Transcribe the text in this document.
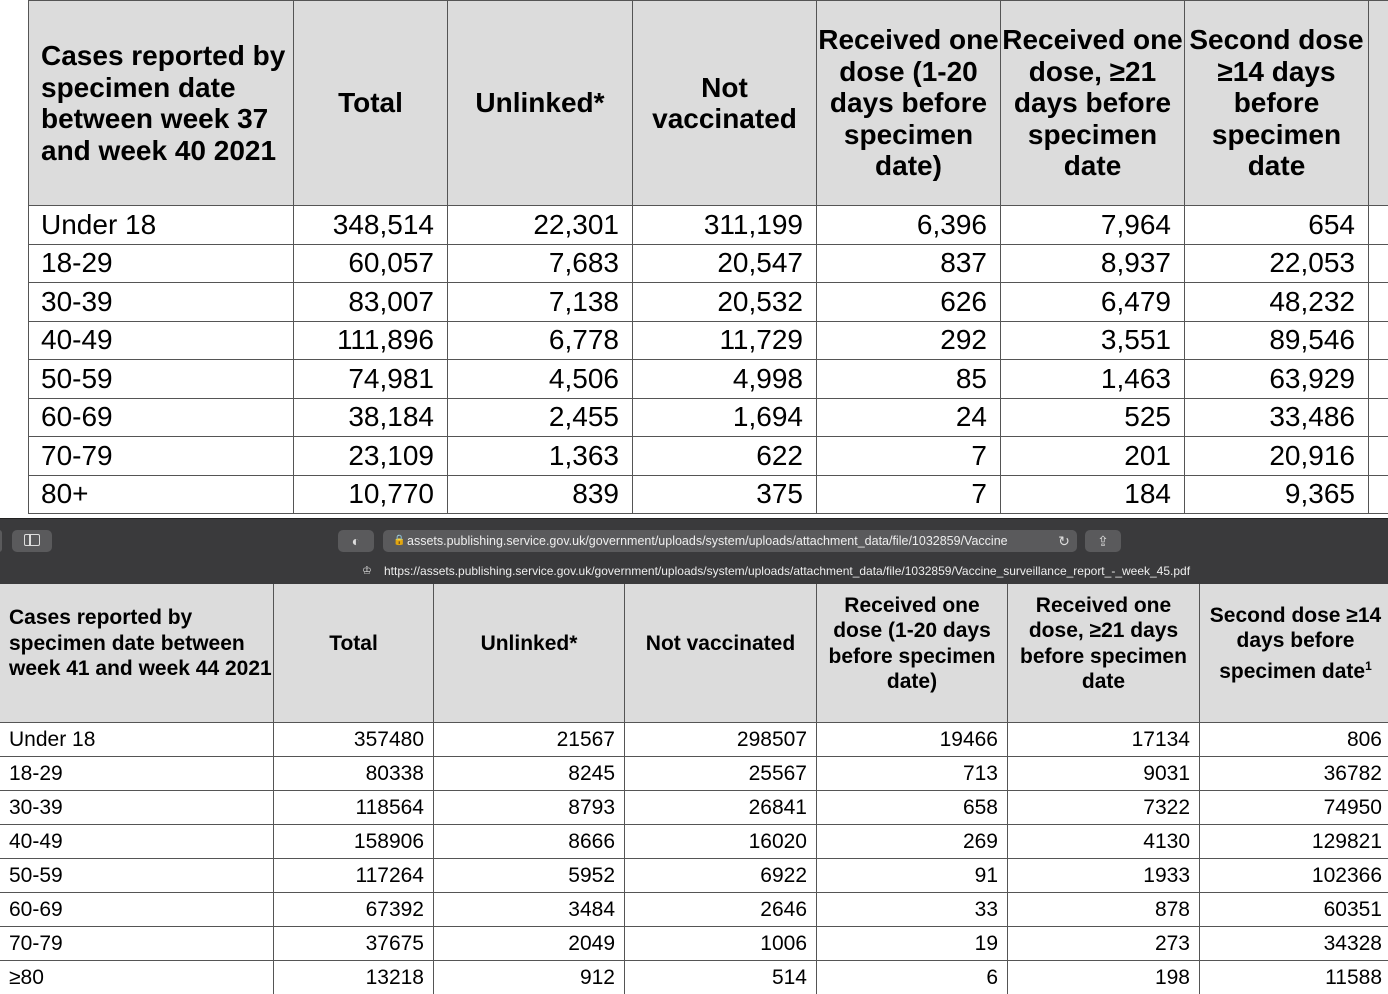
Cases reported by specimen date between week 37 and week 40 2021	Total	Unlinked*	Not vaccinated	Received one dose (1-20 days before specimen date)	Received one dose, ≥21 days before specimen date	Second dose ≥14 days before specimen date	
Under 18	348,514	22,301	311,199	6,396	7,964	654	
18-29	60,057	7,683	20,547	837	8,937	22,053	
30-39	83,007	7,138	20,532	626	6,479	48,232	
40-49	111,896	6,778	11,729	292	3,551	89,546	
50-59	74,981	4,506	4,998	85	1,463	63,929	
60-69	38,184	2,455	1,694	24	525	33,486	
70-79	23,109	1,363	622	7	201	20,916	
80+	10,770	839	375	7	184	9,365	
◐	🔒 assets.publishing.service.gov.uk/government/uploads/system/uploads/attachment_data/file/1032859/Vaccine	↻	⇪
♔ https://assets.publishing.service.gov.uk/government/uploads/system/uploads/attachment_data/file/1032859/Vaccine_surveillance_report_-_week_45.pdf
Cases reported by specimen date between week 41 and week 44 2021	Total	Unlinked*	Not vaccinated	Received one dose (1-20 days before specimen date)	Received one dose, ≥21 days before specimen date	Second dose ≥14 days before specimen date$^1$
Under 18	357480	21567	298507	19466	17134	806
18-29	80338	8245	25567	713	9031	36782
30-39	118564	8793	26841	658	7322	74950
40-49	158906	8666	16020	269	4130	129821
50-59	117264	5952	6922	91	1933	102366
60-69	67392	3484	2646	33	878	60351
70-79	37675	2049	1006	19	273	34328
≥80	13218	912	514	6	198	11588
